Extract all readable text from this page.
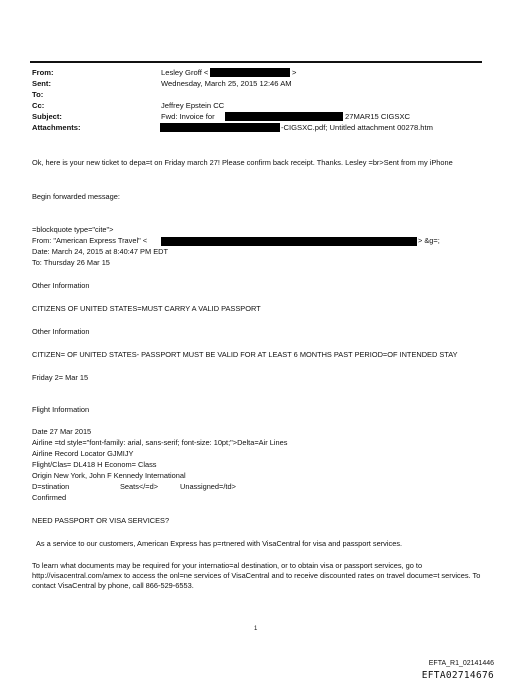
From:	Lesley Groff <	>
Sent:	Wednesday, March 25, 2015 12:46 AM
To:
Cc:	Jeffrey Epstein CC
Subject:	Fwd: Invoice for	27MAR15 CIGSXC
Attachments:	-CIGSXC.pdf; Untitled attachment 00278.htm
Ok, here is your new ticket to depa=t on Friday march 27! Please confirm back receipt. Thanks. Lesley =br>Sent from my iPhone
Begin forwarded message:
=blockquote type="cite">
From: "American Express Travel" <	> &g=;
Date: March 24, 2015 at 8:40:47 PM EDT
To: Thursday 26 Mar 15
Other Information
CITIZENS OF UNITED STATES=MUST CARRY A VALID PASSPORT
Other Information
CITIZEN= OF UNITED STATES- PASSPORT MUST BE VALID FOR AT LEAST 6 MONTHS PAST PERIOD=OF INTENDED STAY
Friday 2= Mar 15
Flight Information
Date 27 Mar 2015
Airline =td style="font-family: arial, sans-serif; font-size: 10pt;">Delta=Air Lines
Airline Record Locator GJMIJY
Flight/Clas= DL418 H Econom= Class
Origin New York, John F Kennedy International
D=stination	Seats</=d>	Unassigned=/td>
Confirmed
NEED PASSPORT OR VISA SERVICES?
As a service to our customers, American Express has p=rtnered with VisaCentral for visa and passport services.
To learn what documents may be required for your internatio=al destination, or to obtain visa or passport services, go to http://visacentral.com/amex to access the onl=ne services of VisaCentral and to receive discounted rates on travel docume=t services. To contact VisaCentral by phone, call 866-529-6553.
1
EFTA_R1_02141446
EFTA02714676
